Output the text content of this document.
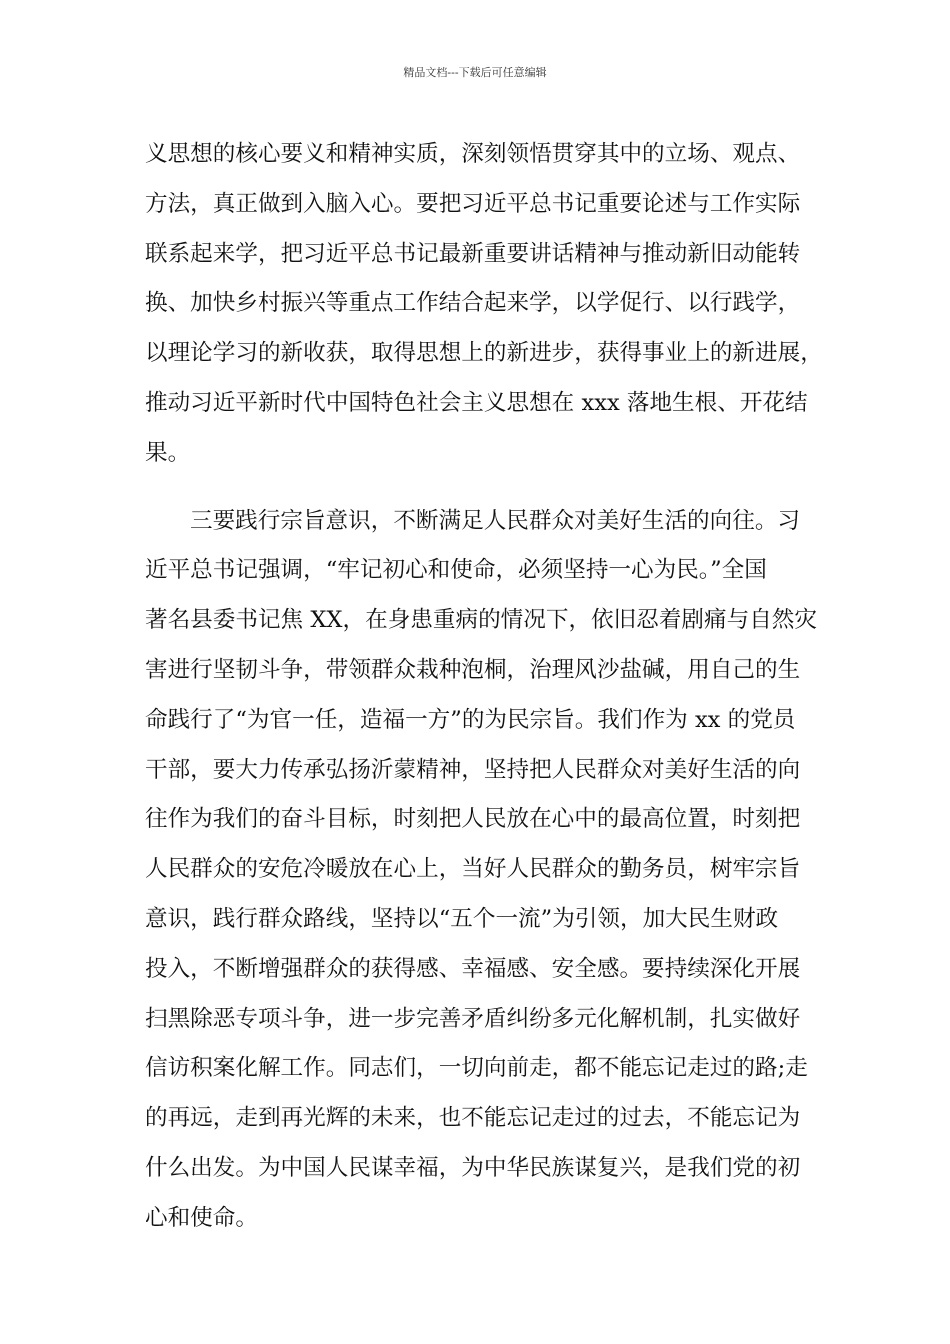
精品文档---下载后可任意编辑
义思想的核心要义和精神实质，深刻领悟贯穿其中的立场、观点、
方法，真正做到入脑入心。要把习近平总书记重要论述与工作实际
联系起来学，把习近平总书记最新重要讲话精神与推动新旧动能转
换、加快乡村振兴等重点工作结合起来学，以学促行、以行践学，
以理论学习的新收获，取得思想上的新进步，获得事业上的新进展，
推动习近平新时代中国特色社会主义思想在 xxx 落地生根、开花结
果。
三要践行宗旨意识，不断满足人民群众对美好生活的向往。习
近平总书记强调，“牢记初心和使命，必须坚持一心为民。”全国
著名县委书记焦 XX，在身患重病的情况下，依旧忍着剧痛与自然灾
害进行坚韧斗争，带领群众栽种泡桐，治理风沙盐碱，用自己的生
命践行了“为官一任，造福一方”的为民宗旨。我们作为 xx 的党员
干部，要大力传承弘扬沂蒙精神，坚持把人民群众对美好生活的向
往作为我们的奋斗目标，时刻把人民放在心中的最高位置，时刻把
人民群众的安危冷暖放在心上，当好人民群众的勤务员，树牢宗旨
意识，践行群众路线，坚持以“五个一流”为引领，加大民生财政
投入，不断增强群众的获得感、幸福感、安全感。要持续深化开展
扫黑除恶专项斗争，进一步完善矛盾纠纷多元化解机制，扎实做好
信访积案化解工作。同志们，一切向前走，都不能忘记走过的路;走
的再远，走到再光辉的未来，也不能忘记走过的过去，不能忘记为
什么出发。为中国人民谋幸福，为中华民族谋复兴，是我们党的初
心和使命。
